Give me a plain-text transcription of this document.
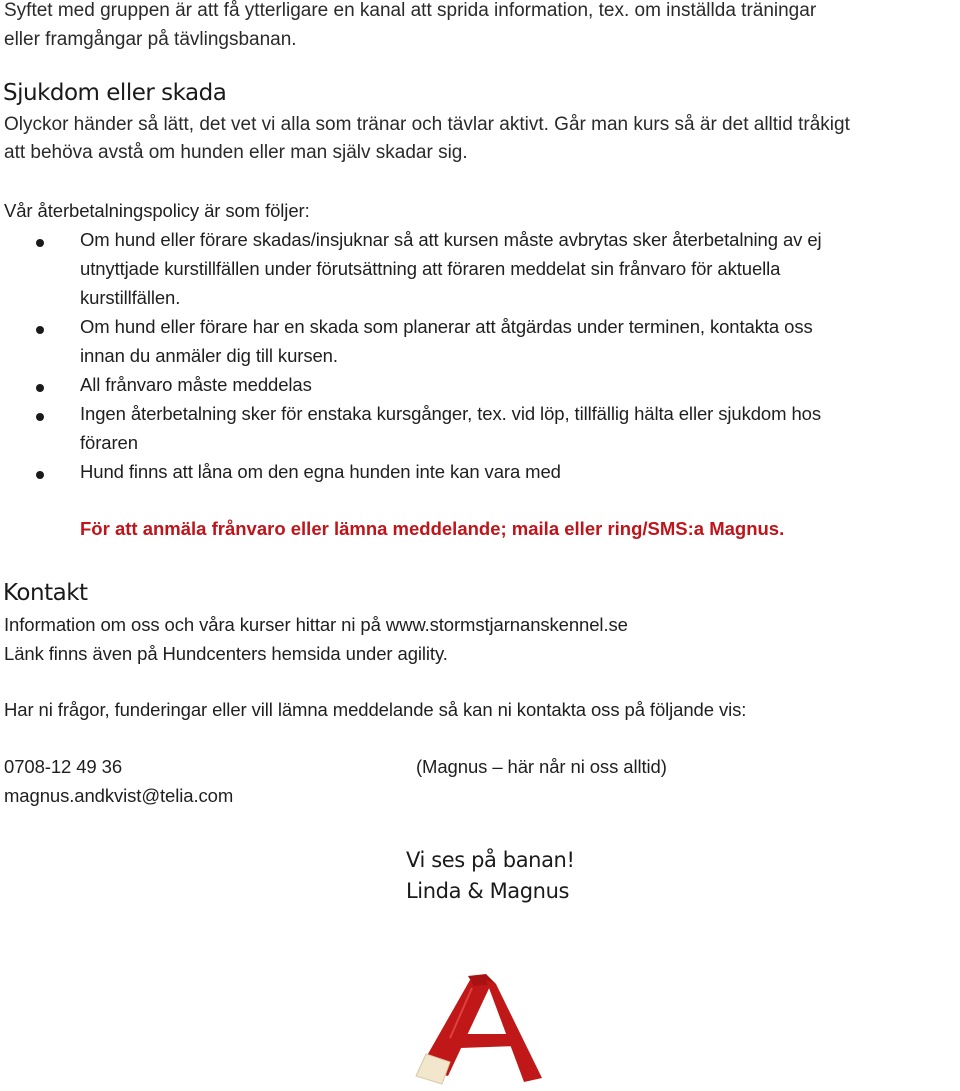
Syftet med gruppen är att få ytterligare en kanal att sprida information, tex. om inställda träningar
eller framgångar på tävlingsbanan.
Sjukdom eller skada
Olyckor händer så lätt, det vet vi alla som tränar och tävlar aktivt. Går man kurs så är det alltid tråkigt
att behöva avstå om hunden eller man själv skadar sig.
Vår återbetalningspolicy är som följer:
Om hund eller förare skadas/insjuknar så att kursen måste avbrytas sker återbetalning av ej
utnyttjade kurstillfällen under förutsättning att föraren meddelat sin frånvaro för aktuella
kurstillfällen.
Om hund eller förare har en skada som planerar att åtgärdas under terminen, kontakta oss
innan du anmäler dig till kursen.
All frånvaro måste meddelas
Ingen återbetalning sker för enstaka kursgånger, tex. vid löp, tillfällig hälta eller sjukdom hos
föraren
Hund finns att låna om den egna hunden inte kan vara med
För att anmäla frånvaro eller lämna meddelande; maila eller ring/SMS:a Magnus.
Kontakt
Information om oss och våra kurser hittar ni på www.stormstjarnanskennel.se
Länk finns även på Hundcenters hemsida under agility.
Har ni frågor, funderingar eller vill lämna meddelande så kan ni kontakta oss på följande vis:
0708-12 49 36	(Magnus – här når ni oss alltid)
magnus.andkvist@telia.com
Vi ses på banan!
Linda & Magnus
